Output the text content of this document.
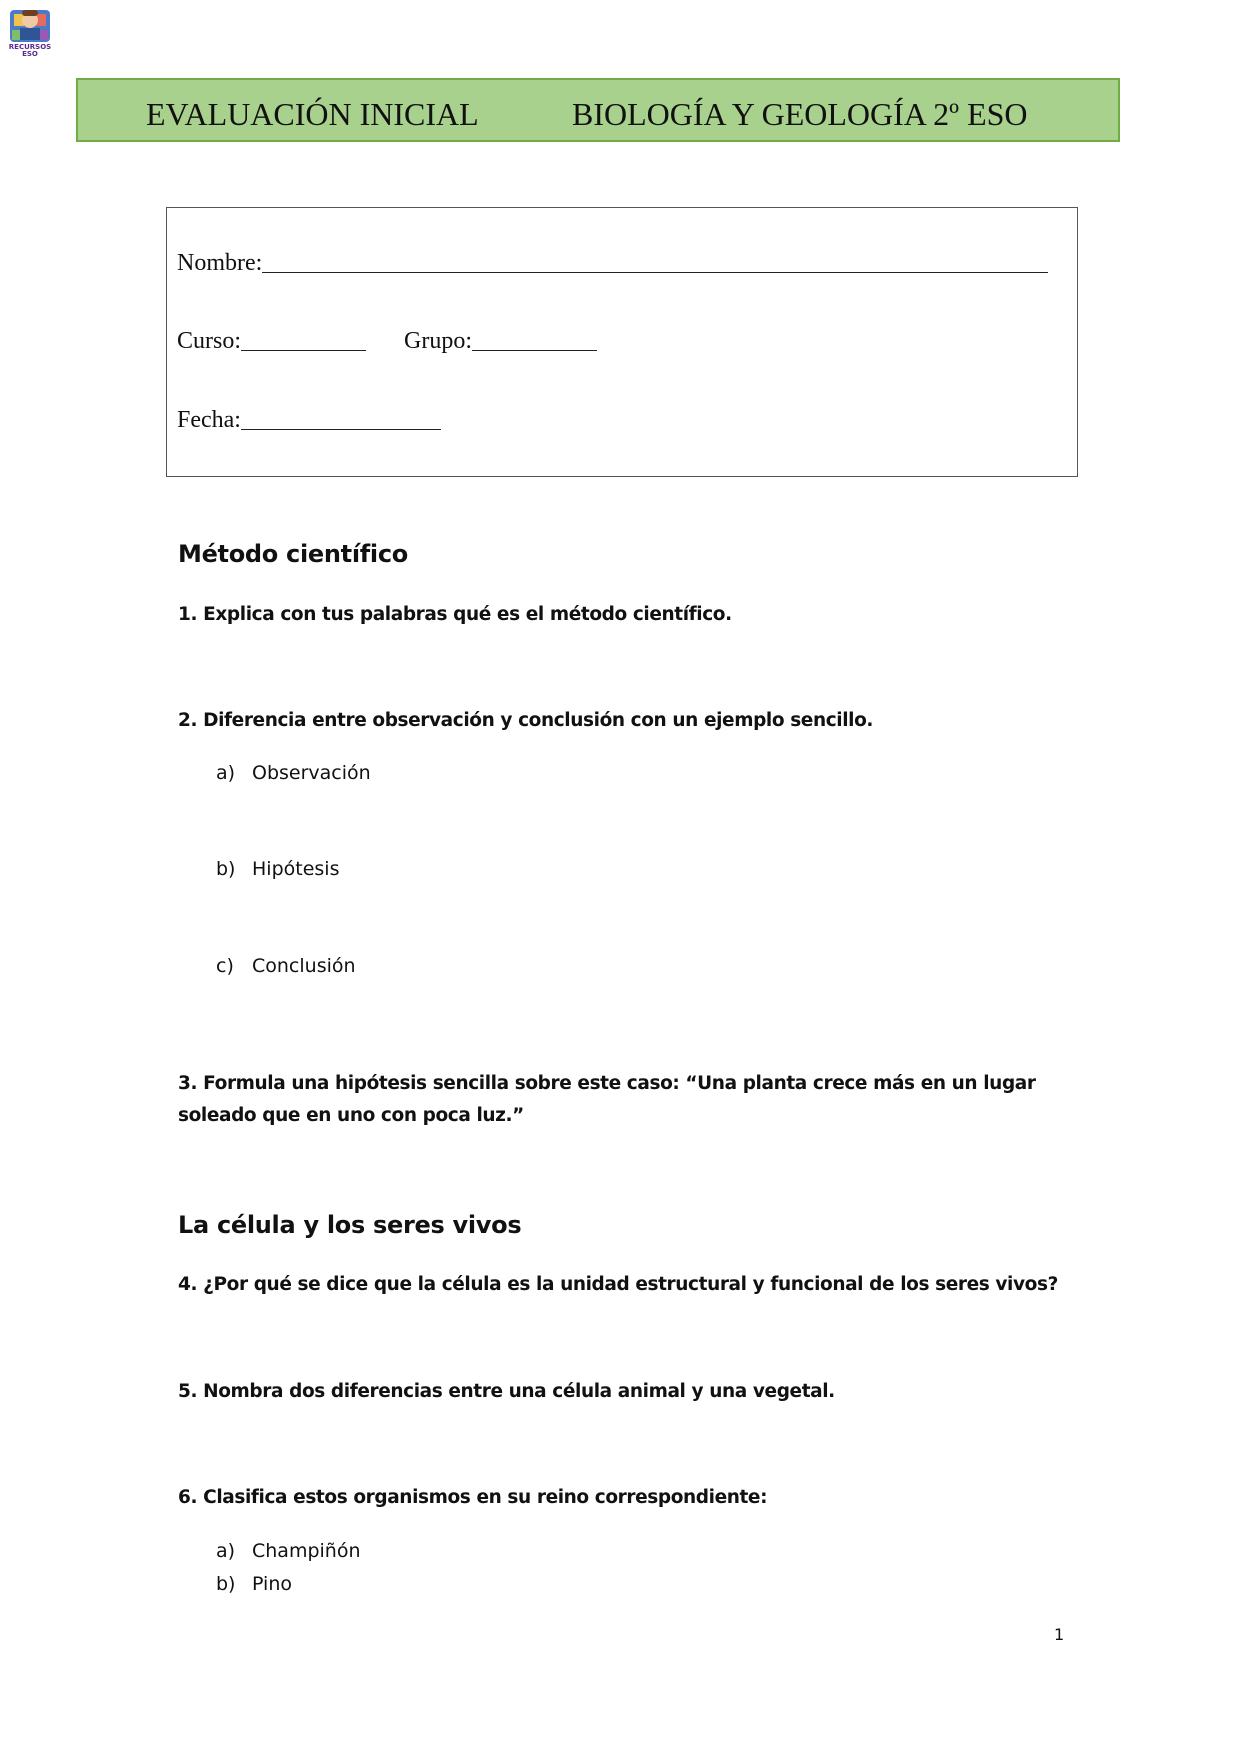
RECURSOS ESO
EVALUACIÓN INICIAL	BIOLOGÍA Y GEOLOGÍA 2º ESO
Nombre:
Curso:	Grupo:
Fecha:
Método científico
1. Explica con tus palabras qué es el método científico.
2. Diferencia entre observación y conclusión con un ejemplo sencillo.
a) Observación
b) Hipótesis
c) Conclusión
3. Formula una hipótesis sencilla sobre este caso: “Una planta crece más en un lugar soleado que en uno con poca luz.”
La célula y los seres vivos
4. ¿Por qué se dice que la célula es la unidad estructural y funcional de los seres vivos?
5. Nombra dos diferencias entre una célula animal y una vegetal.
6. Clasifica estos organismos en su reino correspondiente:
a) Champiñón
b) Pino
1
